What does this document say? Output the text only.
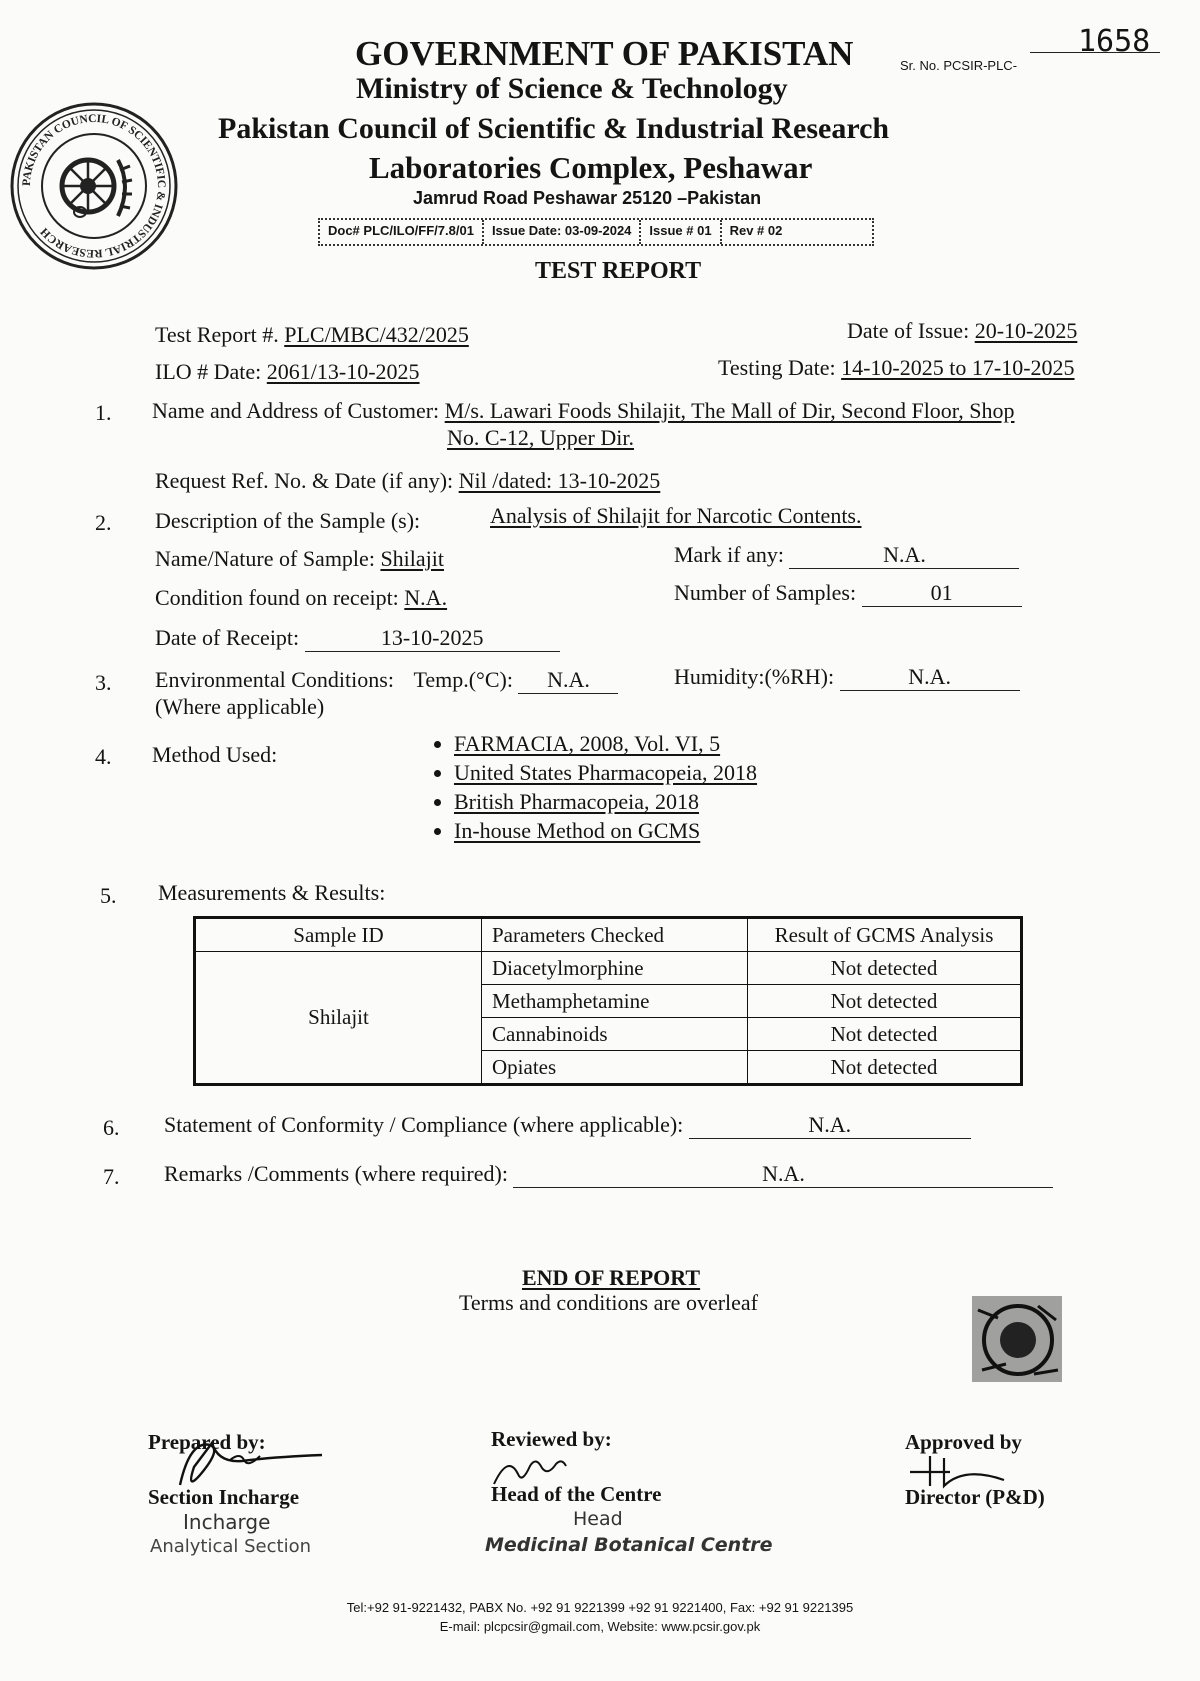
PAKISTAN COUNCIL OF SCIENTIFIC & INDUSTRIAL RESEARCH
GOVERNMENT OF PAKISTAN
Ministry of Science & Technology
Pakistan Council of Scientific & Industrial Research
Laboratories Complex, Peshawar
Jamrud Road Peshawar 25120 –Pakistan
Doc# PLC/ILO/FF/7.8/01	Issue Date: 03-09-2024	Issue # 01	Rev # 02
Sr. No. PCSIR-PLC-
1658
TEST REPORT
Test Report #. PLC/MBC/432/2025	Date of Issue: 20-10-2025
ILO # Date: 2061/13-10-2025	Testing Date: 14-10-2025 to 17-10-2025
1. Name and Address of Customer: M/s. Lawari Foods Shilajit, The Mall of Dir, Second Floor, Shop
No. C-12, Upper Dir.
Request Ref. No. & Date (if any): Nil /dated: 13-10-2025
2. Description of the Sample (s):	Analysis of Shilajit for Narcotic Contents.
Name/Nature of Sample: Shilajit	Mark if any:	N.A.
Condition found on receipt: N.A.	Number of Samples:	01
Date of Receipt:	13-10-2025
3. Environmental Conditions: Temp.(°C): N.A.
(Where applicable)
Humidity:(%RH):	N.A.
4. Method Used:	• FARMACIA, 2008, Vol. VI, 5
• United States Pharmacopeia, 2018
• British Pharmacopeia, 2018
• In-house Method on GCMS
5. Measurements & Results:
Sample ID	Parameters Checked	Result of GCMS Analysis
Shilajit	Diacetylmorphine	Not detected
	Methamphetamine	Not detected
	Cannabinoids	Not detected
	Opiates	Not detected
6. Statement of Conformity / Compliance (where applicable):	N.A.
7. Remarks /Comments (where required):	N.A.
END OF REPORT
Terms and conditions are overleaf
Prepared by:
Section Incharge
Incharge
Analytical Section
Reviewed by:
Head of the Centre
Head
Medicinal Botanical Centre
Approved by
Director (P&D)
Tel:+92 91-9221432, PABX No. +92 91 9221399 +92 91 9221400, Fax: +92 91 9221395
E-mail: plcpcsir@gmail.com, Website: www.pcsir.gov.pk
